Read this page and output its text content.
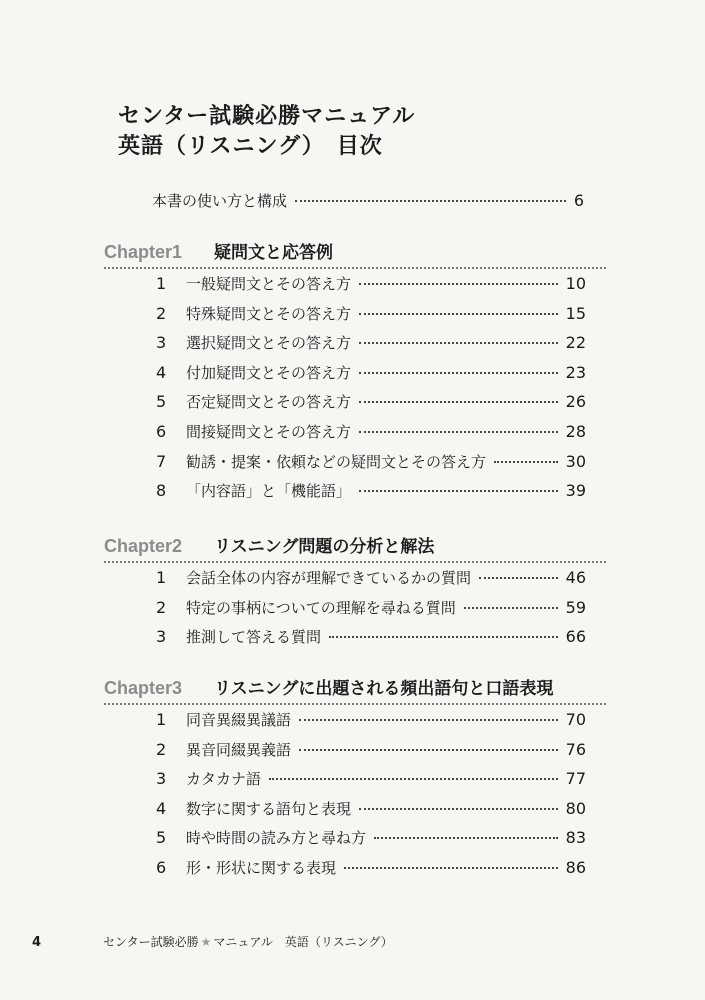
センター試験必勝マニュアル
英語（リスニング）　目次
本書の使い方と構成	6
Chapter1	疑問文と応答例
1	一般疑問文とその答え方	10
2	特殊疑問文とその答え方	15
3	選択疑問文とその答え方	22
4	付加疑問文とその答え方	23
5	否定疑問文とその答え方	26
6	間接疑問文とその答え方	28
7	勧誘・提案・依頼などの疑問文とその答え方	30
8	「内容語」と「機能語」	39
Chapter2	リスニング問題の分析と解法
1	会話全体の内容が理解できているかの質問	46
2	特定の事柄についての理解を尋ねる質問	59
3	推測して答える質問	66
Chapter3	リスニングに出題される頻出語句と口語表現
1	同音異綴異議語	70
2	異音同綴異義語	76
3	カタカナ語	77
4	数字に関する語句と表現	80
5	時や時間の読み方と尋ね方	83
6	形・形状に関する表現	86
4	センター試験必勝 ★ マニュアル　英語（リスニング）
